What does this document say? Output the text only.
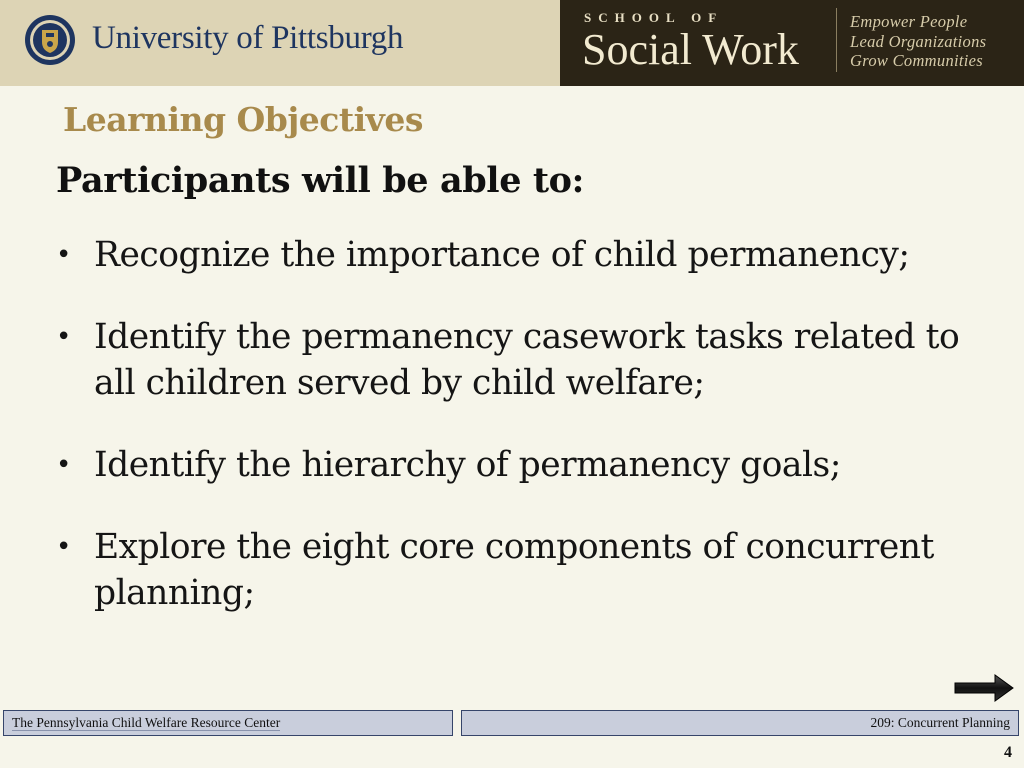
University of Pittsburgh
SCHOOL OF
Social Work
Empower People
Lead Organizations
Grow Communities
Learning Objectives
Participants will be able to:
• Recognize the importance of child permanency;
• Identify the permanency casework tasks related to all children served by child welfare;
• Identify the hierarchy of permanency goals;
• Explore the eight core components of concurrent planning;
The Pennsylvania Child Welfare Resource Center	209: Concurrent Planning
4
